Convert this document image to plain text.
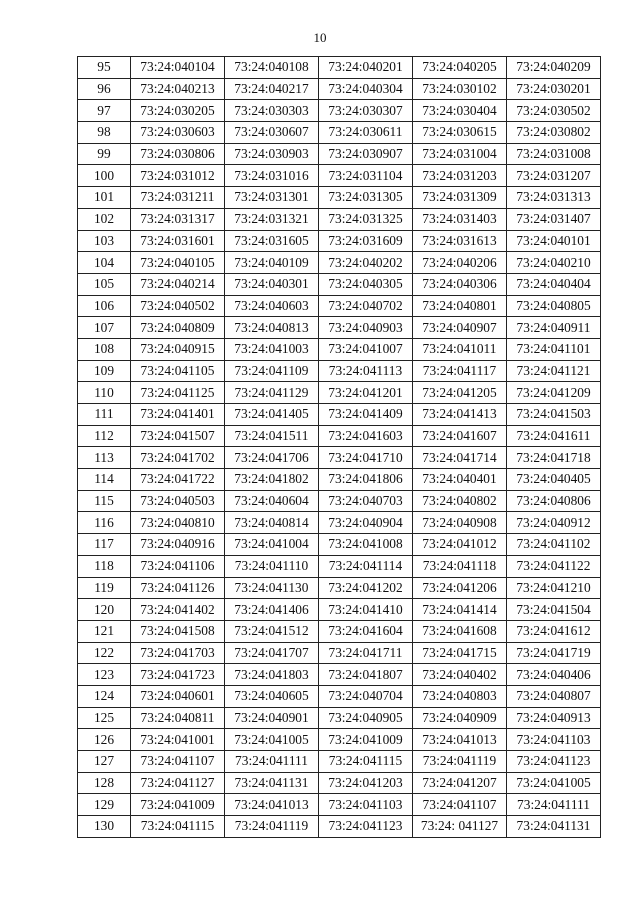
10
95	73:24:040104	73:24:040108	73:24:040201	73:24:040205	73:24:040209
96	73:24:040213	73:24:040217	73:24:040304	73:24:030102	73:24:030201
97	73:24:030205	73:24:030303	73:24:030307	73:24:030404	73:24:030502
98	73:24:030603	73:24:030607	73:24:030611	73:24:030615	73:24:030802
99	73:24:030806	73:24:030903	73:24:030907	73:24:031004	73:24:031008
100	73:24:031012	73:24:031016	73:24:031104	73:24:031203	73:24:031207
101	73:24:031211	73:24:031301	73:24:031305	73:24:031309	73:24:031313
102	73:24:031317	73:24:031321	73:24:031325	73:24:031403	73:24:031407
103	73:24:031601	73:24:031605	73:24:031609	73:24:031613	73:24:040101
104	73:24:040105	73:24:040109	73:24:040202	73:24:040206	73:24:040210
105	73:24:040214	73:24:040301	73:24:040305	73:24:040306	73:24:040404
106	73:24:040502	73:24:040603	73:24:040702	73:24:040801	73:24:040805
107	73:24:040809	73:24:040813	73:24:040903	73:24:040907	73:24:040911
108	73:24:040915	73:24:041003	73:24:041007	73:24:041011	73:24:041101
109	73:24:041105	73:24:041109	73:24:041113	73:24:041117	73:24:041121
110	73:24:041125	73:24:041129	73:24:041201	73:24:041205	73:24:041209
111	73:24:041401	73:24:041405	73:24:041409	73:24:041413	73:24:041503
112	73:24:041507	73:24:041511	73:24:041603	73:24:041607	73:24:041611
113	73:24:041702	73:24:041706	73:24:041710	73:24:041714	73:24:041718
114	73:24:041722	73:24:041802	73:24:041806	73:24:040401	73:24:040405
115	73:24:040503	73:24:040604	73:24:040703	73:24:040802	73:24:040806
116	73:24:040810	73:24:040814	73:24:040904	73:24:040908	73:24:040912
117	73:24:040916	73:24:041004	73:24:041008	73:24:041012	73:24:041102
118	73:24:041106	73:24:041110	73:24:041114	73:24:041118	73:24:041122
119	73:24:041126	73:24:041130	73:24:041202	73:24:041206	73:24:041210
120	73:24:041402	73:24:041406	73:24:041410	73:24:041414	73:24:041504
121	73:24:041508	73:24:041512	73:24:041604	73:24:041608	73:24:041612
122	73:24:041703	73:24:041707	73:24:041711	73:24:041715	73:24:041719
123	73:24:041723	73:24:041803	73:24:041807	73:24:040402	73:24:040406
124	73:24:040601	73:24:040605	73:24:040704	73:24:040803	73:24:040807
125	73:24:040811	73:24:040901	73:24:040905	73:24:040909	73:24:040913
126	73:24:041001	73:24:041005	73:24:041009	73:24:041013	73:24:041103
127	73:24:041107	73:24:041111	73:24:041115	73:24:041119	73:24:041123
128	73:24:041127	73:24:041131	73:24:041203	73:24:041207	73:24:041005
129	73:24:041009	73:24:041013	73:24:041103	73:24:041107	73:24:041111
130	73:24:041115	73:24:041119	73:24:041123	73:24: 041127	73:24:041131
